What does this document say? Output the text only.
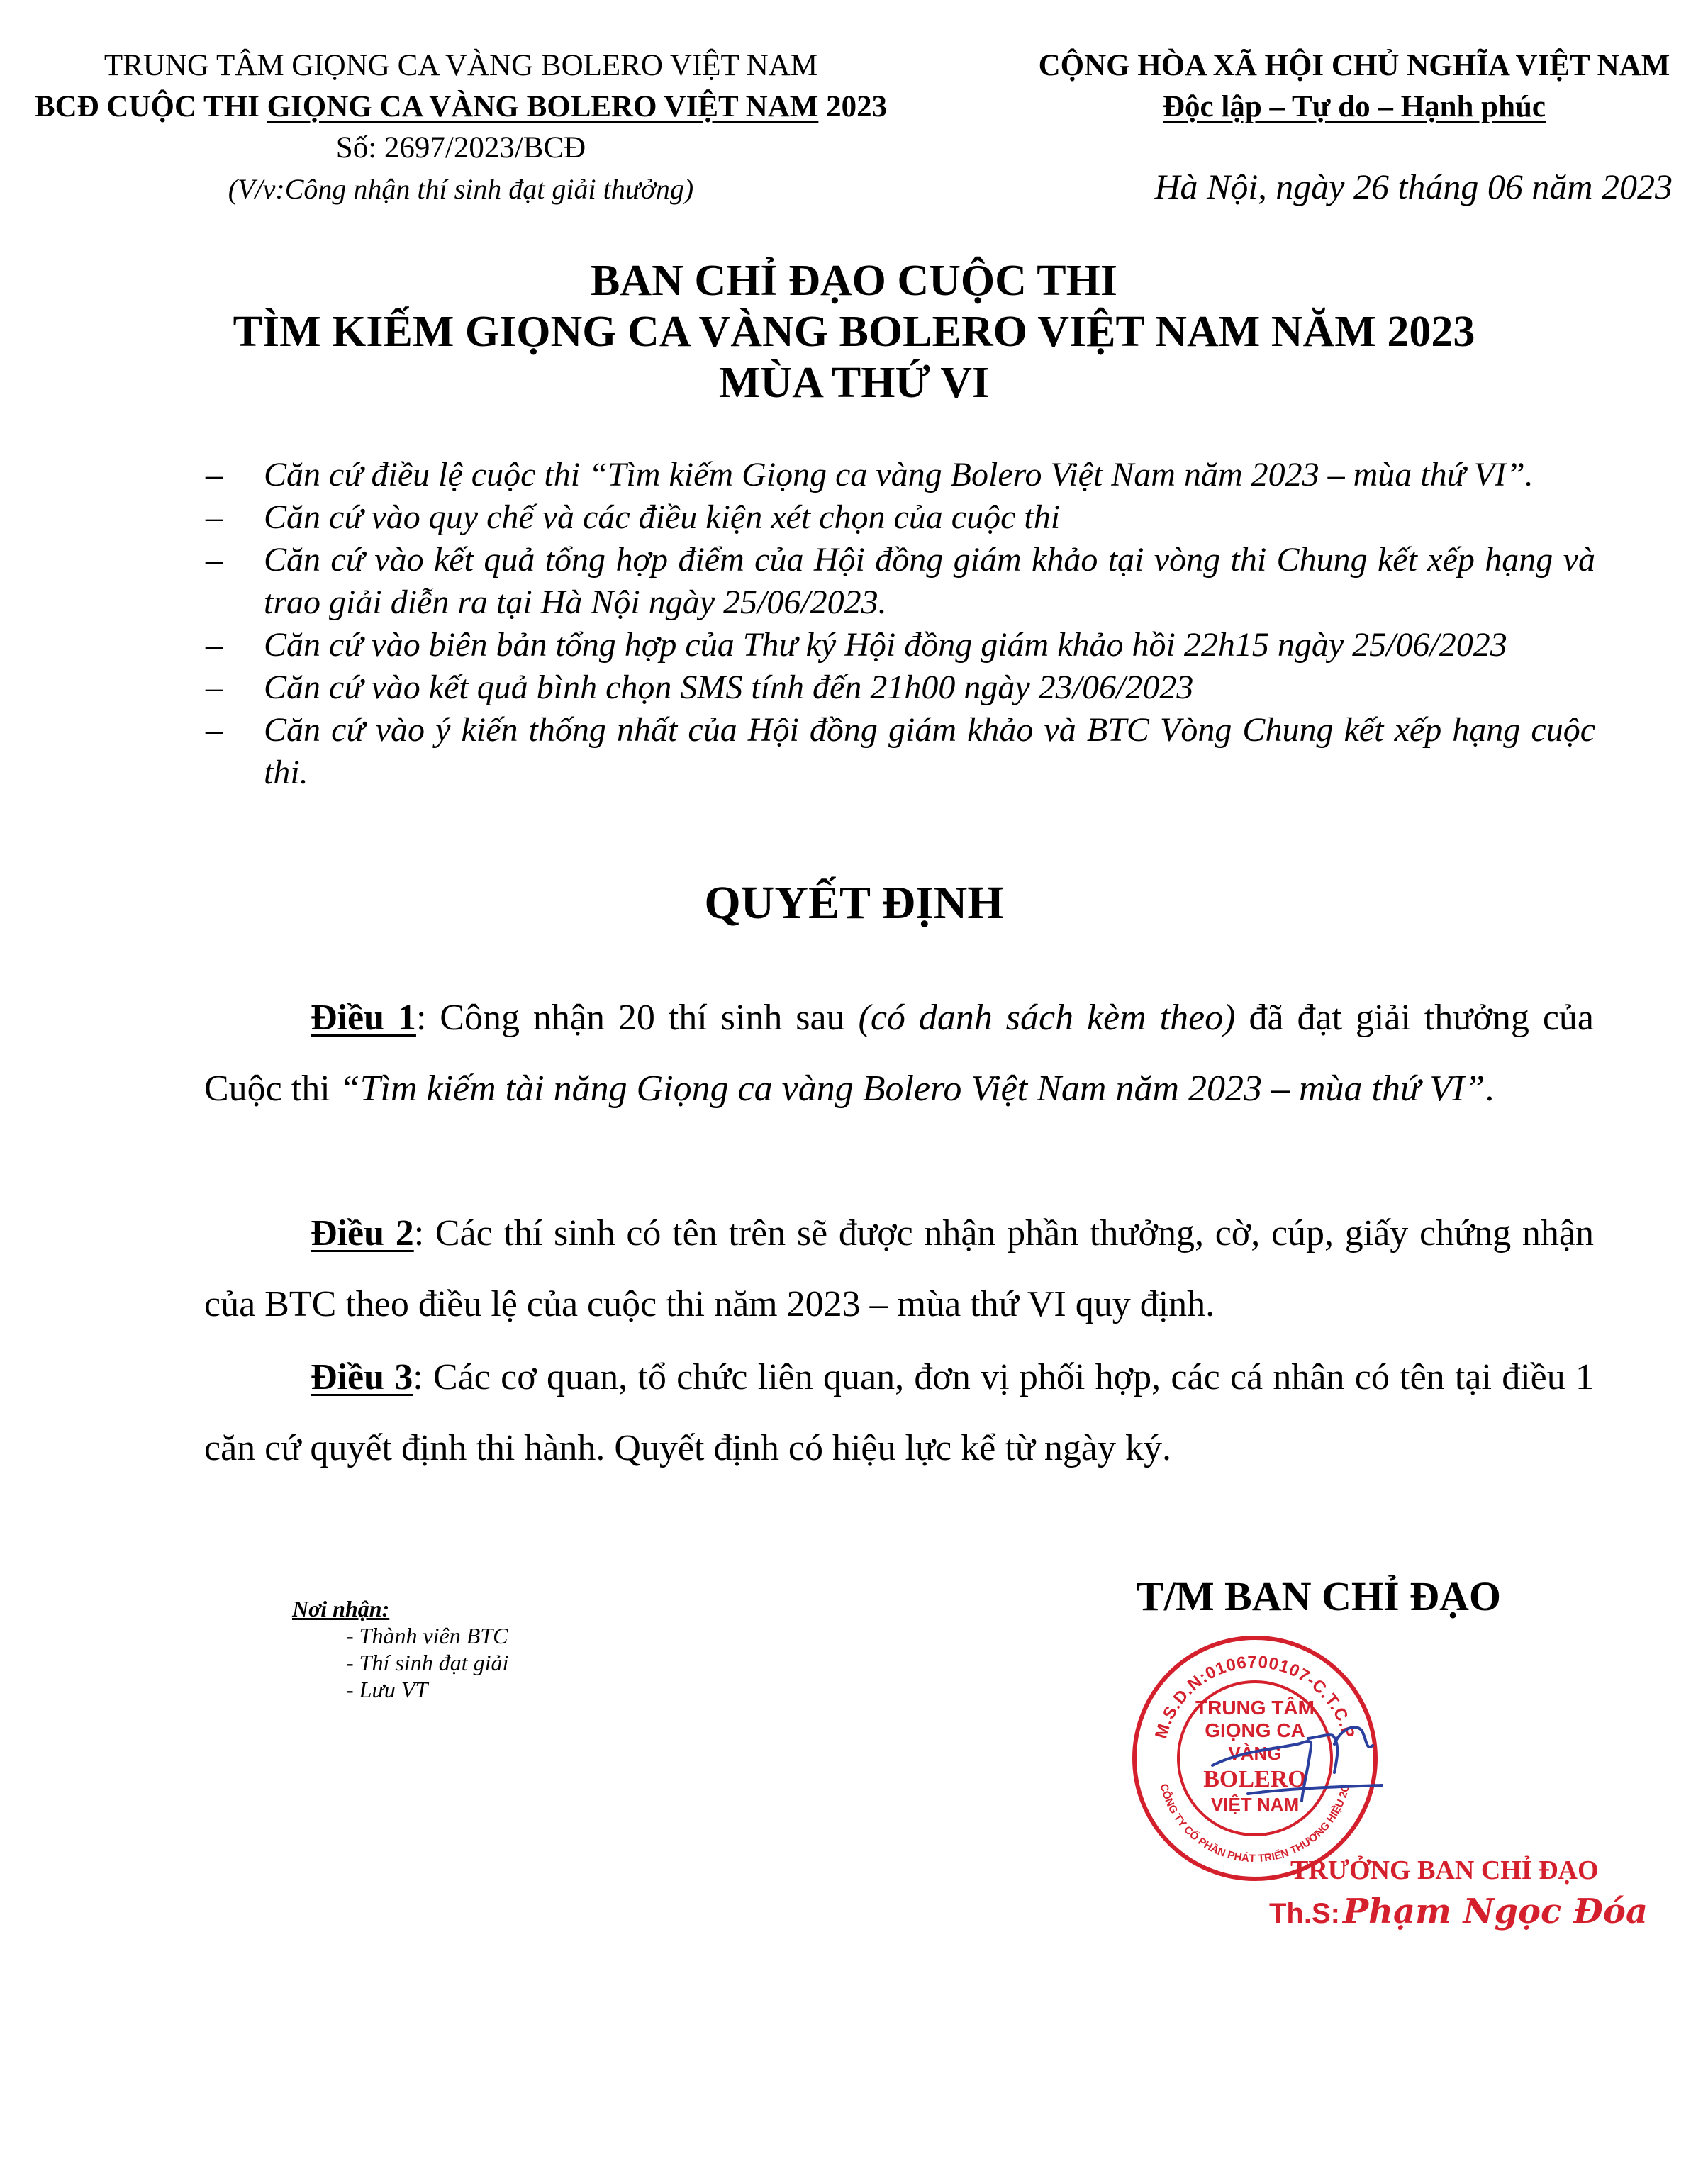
TRUNG TÂM GIỌNG CA VÀNG BOLERO VIỆT NAM
BCĐ CUỘC THI GIỌNG CA VÀNG BOLERO VIỆT NAM 2023
Số: 2697/2023/BCĐ
(V/v:Công nhận thí sinh đạt giải thưởng)
CỘNG HÒA XÃ HỘI CHỦ NGHĨA VIỆT NAM
Độc lập – Tự do – Hạnh phúc
Hà Nội, ngày 26 tháng 06 năm 2023
BAN CHỈ ĐẠO CUỘC THI
TÌM KIẾM GIỌNG CA VÀNG BOLERO VIỆT NAM NĂM 2023
MÙA THỨ VI
– Căn cứ điều lệ cuộc thi “Tìm kiếm Giọng ca vàng Bolero Việt Nam năm 2023 – mùa thứ VI”.
– Căn cứ vào quy chế và các điều kiện xét chọn của cuộc thi
– Căn cứ vào kết quả tổng hợp điểm của Hội đồng giám khảo tại vòng thi Chung kết xếp hạng và trao giải diễn ra tại Hà Nội ngày 25/06/2023.
– Căn cứ vào biên bản tổng hợp của Thư ký Hội đồng giám khảo hồi 22h15 ngày 25/06/2023
– Căn cứ vào kết quả bình chọn SMS tính đến 21h00 ngày 23/06/2023
– Căn cứ vào ý kiến thống nhất của Hội đồng giám khảo và BTC Vòng Chung kết xếp hạng cuộc thi.
QUYẾT ĐỊNH

Điều 1: Công nhận 20 thí sinh sau (có danh sách kèm theo) đã đạt giải thưởng của Cuộc thi “Tìm kiếm tài năng Giọng ca vàng Bolero Việt Nam năm 2023 – mùa thứ VI”.

Điều 2: Các thí sinh có tên trên sẽ được nhận phần thưởng, cờ, cúp, giấy chứng nhận của BTC theo điều lệ của cuộc thi năm 2023 – mùa thứ VI quy định.

Điều 3: Các cơ quan, tổ chức liên quan, đơn vị phối hợp, các cá nhân có tên tại điều 1 căn cứ quyết định thi hành. Quyết định có hiệu lực kể từ ngày ký.

Nơi nhận:
- Thành viên BTC
- Thí sinh đạt giải
- Lưu VT
T/M BAN CHỈ ĐẠO
M.S.D.N:0106700107-C.T.C.P
CÔNG TY CỔ PHẦN PHÁT TRIỂN THƯƠNG HIỆU 2G
TRUNG TÂM
GIỌNG CA
VÀNG
BOLERO
VIỆT NAM
TRƯỞNG BAN CHỈ ĐẠO
Th.S: Phạm Ngọc Đóa
